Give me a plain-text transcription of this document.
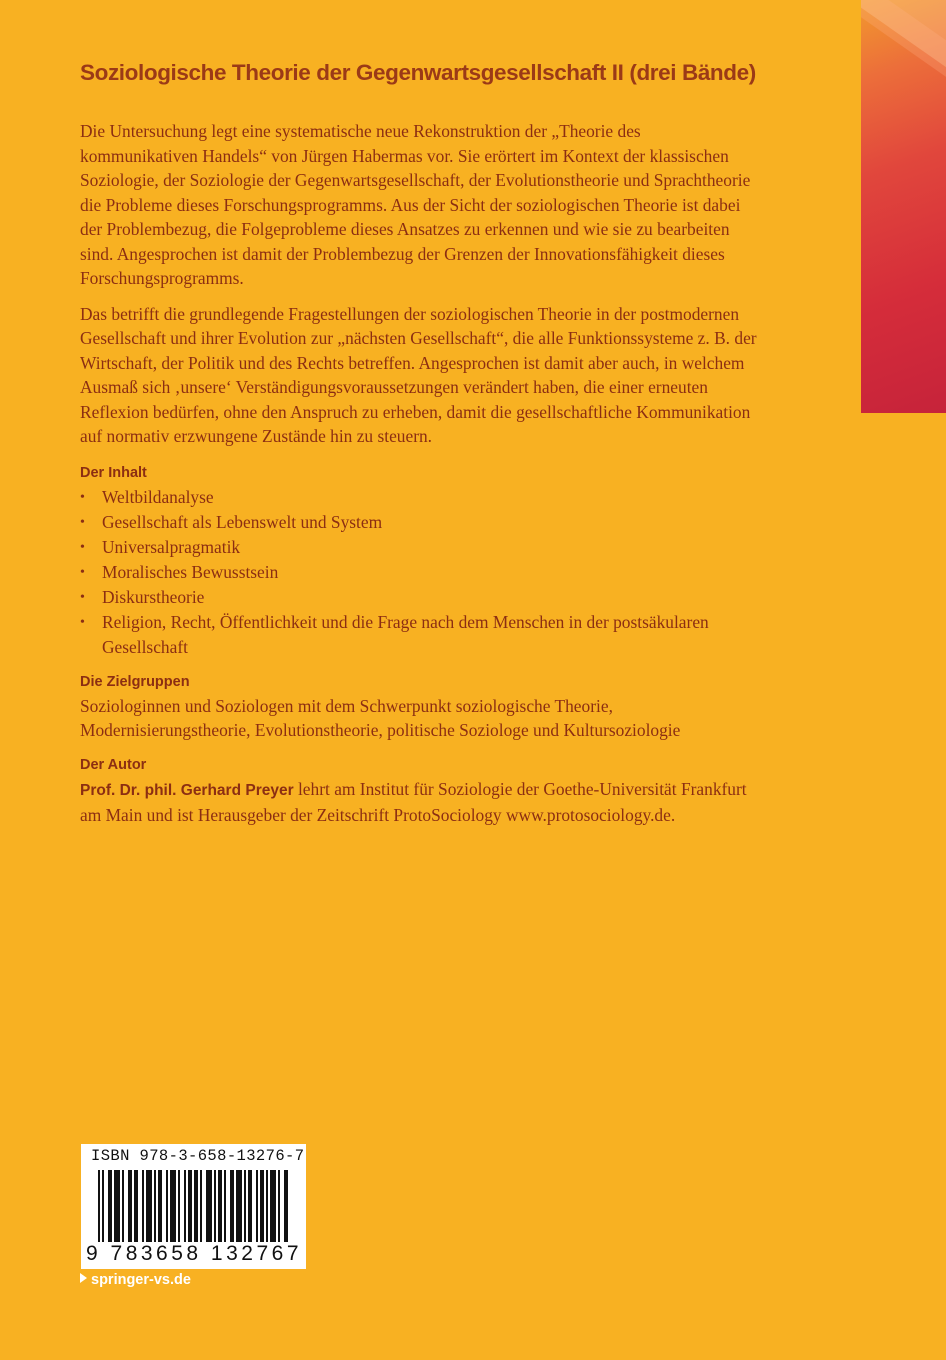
Soziologische Theorie der Gegenwartsgesellschaft II (drei Bände)

Die Untersuchung legt eine systematische neue Rekonstruktion der „Theorie des kommunikativen Handels“ von Jürgen Habermas vor. Sie erörtert im Kontext der klassischen Soziologie, der Soziologie der Gegenwartsgesellschaft, der Evolutionstheorie und Sprachtheorie die Probleme dieses Forschungsprogramms. Aus der Sicht der soziologischen Theorie ist dabei der Problembezug, die Folgeprobleme dieses Ansatzes zu erkennen und wie sie zu bearbeiten sind. Angesprochen ist damit der Problembezug der Grenzen der Innovationsfähigkeit dieses Forschungsprogramms.

Das betrifft die grundlegende Fragestellungen der soziologischen Theorie in der postmodernen Gesellschaft und ihrer Evolution zur „nächsten Gesellschaft“, die alle Funktionssysteme z. B. der Wirtschaft, der Politik und des Rechts betreffen. Angesprochen ist damit aber auch, in welchem Ausmaß sich ‚unsere‘ Verständigungsvoraussetzungen verändert haben, die einer erneuten Reflexion bedürfen, ohne den Anspruch zu erheben, damit die gesellschaftliche Kommunikation auf normativ erzwungene Zustände hin zu steuern.

Der Inhalt
• Weltbildanalyse
• Gesellschaft als Lebenswelt und System
• Universalpragmatik
• Moralisches Bewusstsein
• Diskurstheorie
• Religion, Recht, Öffentlichkeit und die Frage nach dem Menschen in der postsäkularen Gesellschaft
Die Zielgruppen

Soziologinnen und Soziologen mit dem Schwerpunkt soziologische Theorie, Modernisierungstheorie, Evolutionstheorie, politische Soziologe und Kultursoziologie

Der Autor

Prof. Dr. phil. Gerhard Preyer lehrt am Institut für Soziologie der Goethe-Universität Frankfurt am Main und ist Herausgeber der Zeitschrift ProtoSociology www.protosociology.de.

ISBN 978-3-658-13276-7
9 783658 132767
springer-vs.de
